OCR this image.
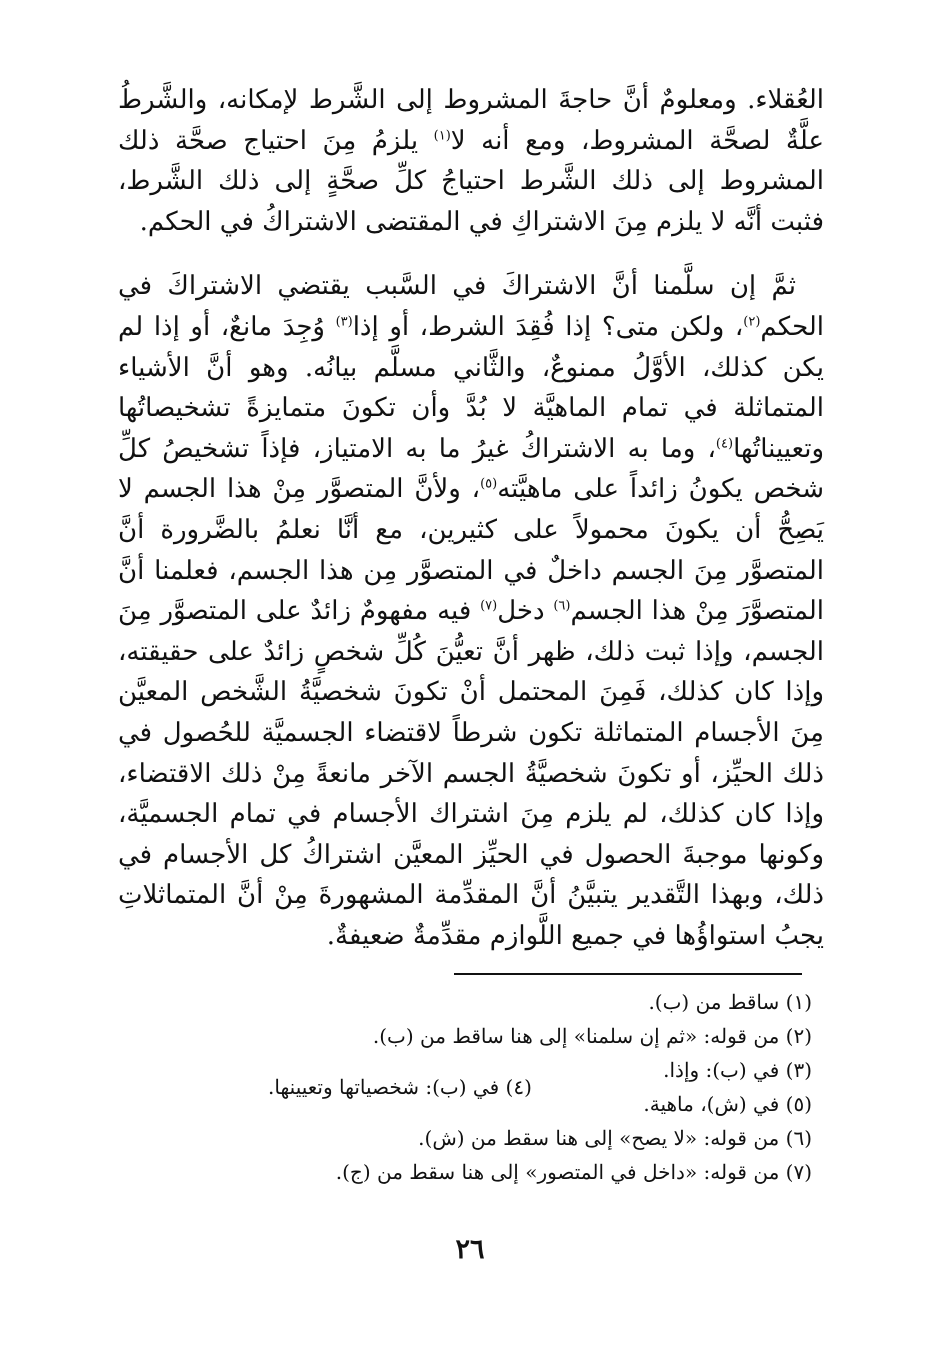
العُقلاء. ومعلومٌ أنَّ حاجةَ المشروط إلى الشَّرط لإمكانه، والشَّرطُ علَّةٌ لصحَّة المشروط، ومع أنه لا$^{(١)}$ يلزمُ مِنَ احتياج صحَّة ذلك المشروط إلى ذلك الشَّرط احتياجُ كلِّ صحَّةٍ إلى ذلك الشَّرط، فثبت أنَّه لا يلزم مِنَ الاشتراكِ في المقتضى الاشتراكُ في الحكم.

ثمَّ إن سلَّمنا أنَّ الاشتراكَ في السَّبب يقتضي الاشتراكَ في الحكم$^{(٢)}$، ولكن متى؟ إذا فُقِدَ الشرط، أو إذا$^{(٣)}$ وُجِدَ مانعٌ، أو إذا لم يكن كذلك، الأوَّلُ ممنوعٌ، والثَّاني مسلَّم بيانُه. وهو أنَّ الأشياء المتماثلة في تمام الماهيَّة لا بُدَّ وأن تكونَ متمايزةً تشخيصاتُها وتعييناتُها$^{(٤)}$، وما به الاشتراكُ غيرُ ما به الامتياز، فإذاً تشخيصُ كلِّ شخص يكونُ زائداً على ماهيَّته$^{(٥)}$، ولأنَّ المتصوَّر مِنْ هذا الجسم لا يَصِحُّ أن يكونَ محمولاً على كثيرين، مع أنَّا نعلمُ بالضَّرورة أنَّ المتصوَّر مِنَ الجسم داخلٌ في المتصوَّر مِن هذا الجسم، فعلمنا أنَّ المتصوَّرَ مِنْ هذا الجسم$^{(٦)}$ دخل$^{(٧)}$ فيه مفهومٌ زائدٌ على المتصوَّر مِنَ الجسم، وإذا ثبت ذلك، ظهر أنَّ تعيُّنَ كُلِّ شخصٍ زائدٌ على حقيقته، وإذا كان كذلك، فَمِنَ المحتمل أنْ تكونَ شخصيَّةُ الشَّخص المعيَّن مِنَ الأجسام المتماثلة تكون شرطاً لاقتضاء الجسميَّة للحُصول في ذلك الحيِّز، أو تكونَ شخصيَّةُ الجسم الآخر مانعةً مِنْ ذلك الاقتضاء، وإذا كان كذلك، لم يلزم مِنَ اشتراك الأجسام في تمام الجسميَّة، وكونها موجبةَ الحصول في الحيِّز المعيَّن اشتراكُ كل الأجسام في ذلك، وبهذا التَّقدير يتبيَّنُ أنَّ المقدِّمة المشهورةَ مِنْ أنَّ المتماثلاتِ يجبُ استواؤُها في جميع اللَّوازم مقدِّمةٌ ضعيفةٌ.

(١) ساقط من (ب).
(٢) من قوله: «ثم إن سلمنا» إلى هنا ساقط من (ب).
(٣) في (ب): وإذا.
(٥) في (ش)، ماهية.
(٤) في (ب): شخصياتها وتعيينها.
(٦) من قوله: «لا يصح» إلى هنا سقط من (ش).
(٧) من قوله: «داخل في المتصور» إلى هنا سقط من (ج).
٢٦
